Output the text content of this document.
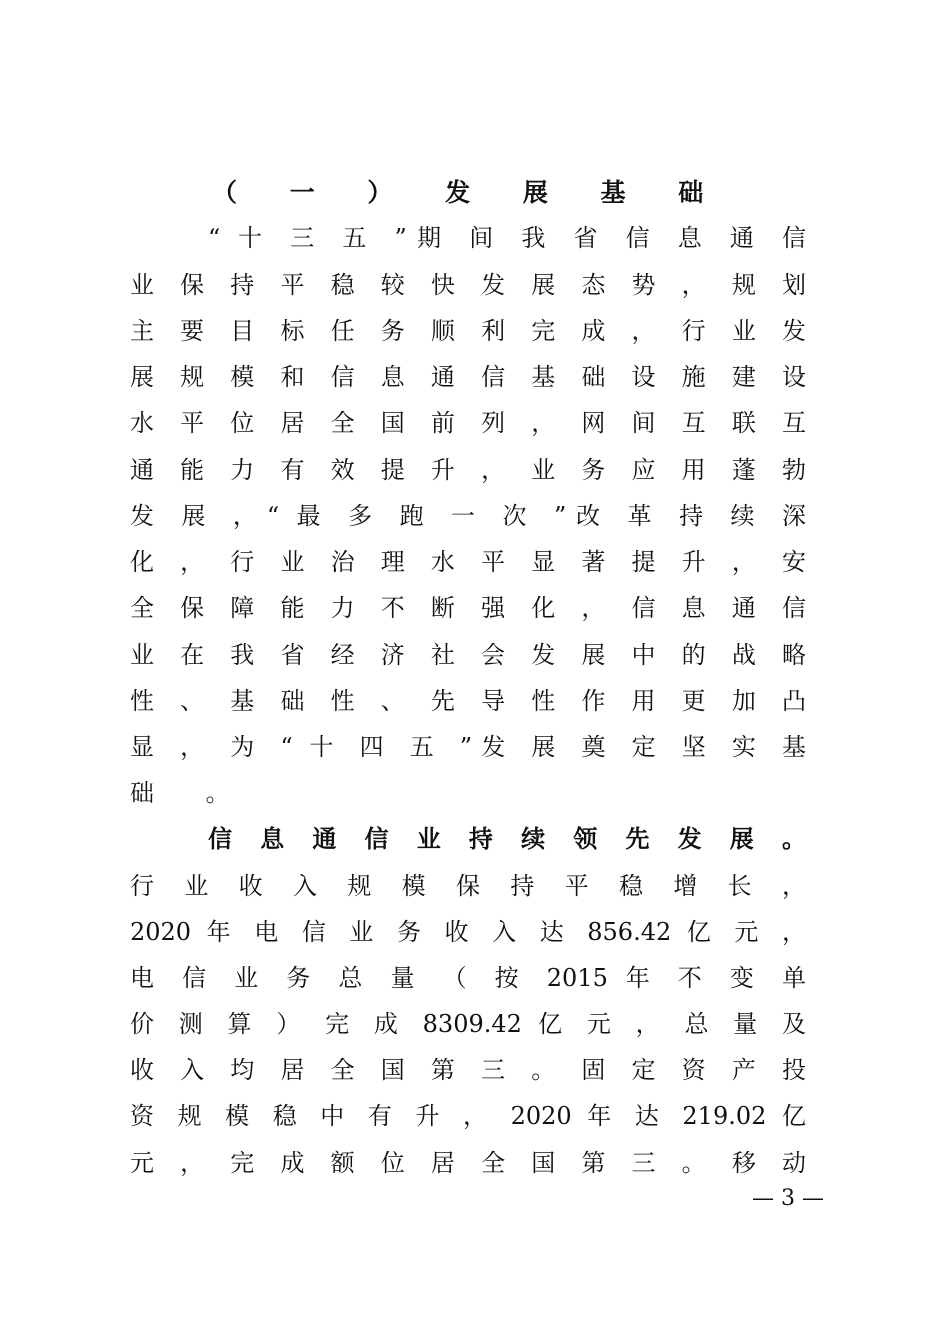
（ 一 ） 发 展 基 础
“ 十 三 五 ”期 间 我 省 信 息 通 信
业 保 持 平 稳 较 快 发 展 态 势 ， 规 划
主 要 目 标 任 务 顺 利 完 成 ， 行 业 发
展 规 模 和 信 息 通 信 基 础 设 施 建 设
水 平 位 居 全 国 前 列 ， 网 间 互 联 互
通 能 力 有 效 提 升 ， 业 务 应 用 蓬 勃
发 展 ，“ 最 多 跑 一 次 ”改 革 持 续 深
化 ， 行 业 治 理 水 平 显 著 提 升 ， 安
全 保 障 能 力 不 断 强 化 ， 信 息 通 信
业 在 我 省 经 济 社 会 发 展 中 的 战 略
性 、 基 础 性 、 先 导 性 作 用 更 加 凸
显 ， 为 “ 十 四 五 ”发 展 奠 定 坚 实 基
础 。
信 息 通 信 业 持 续 领 先 发 展 。
行 业 收 入 规 模 保 持 平 稳 增 长 ，
2020 年 电 信 业 务 收 入 达 856.42 亿 元 ，
电 信 业 务 总 量 （ 按 2015 年 不 变 单
价 测 算 ） 完 成 8309.42 亿 元 ， 总 量 及
收 入 均 居 全 国 第 三 。 固 定 资 产 投
资 规 模 稳 中 有 升 ， 2020 年 达 219.02 亿
元 ， 完 成 额 位 居 全 国 第 三 。 移 动
— 3 —
